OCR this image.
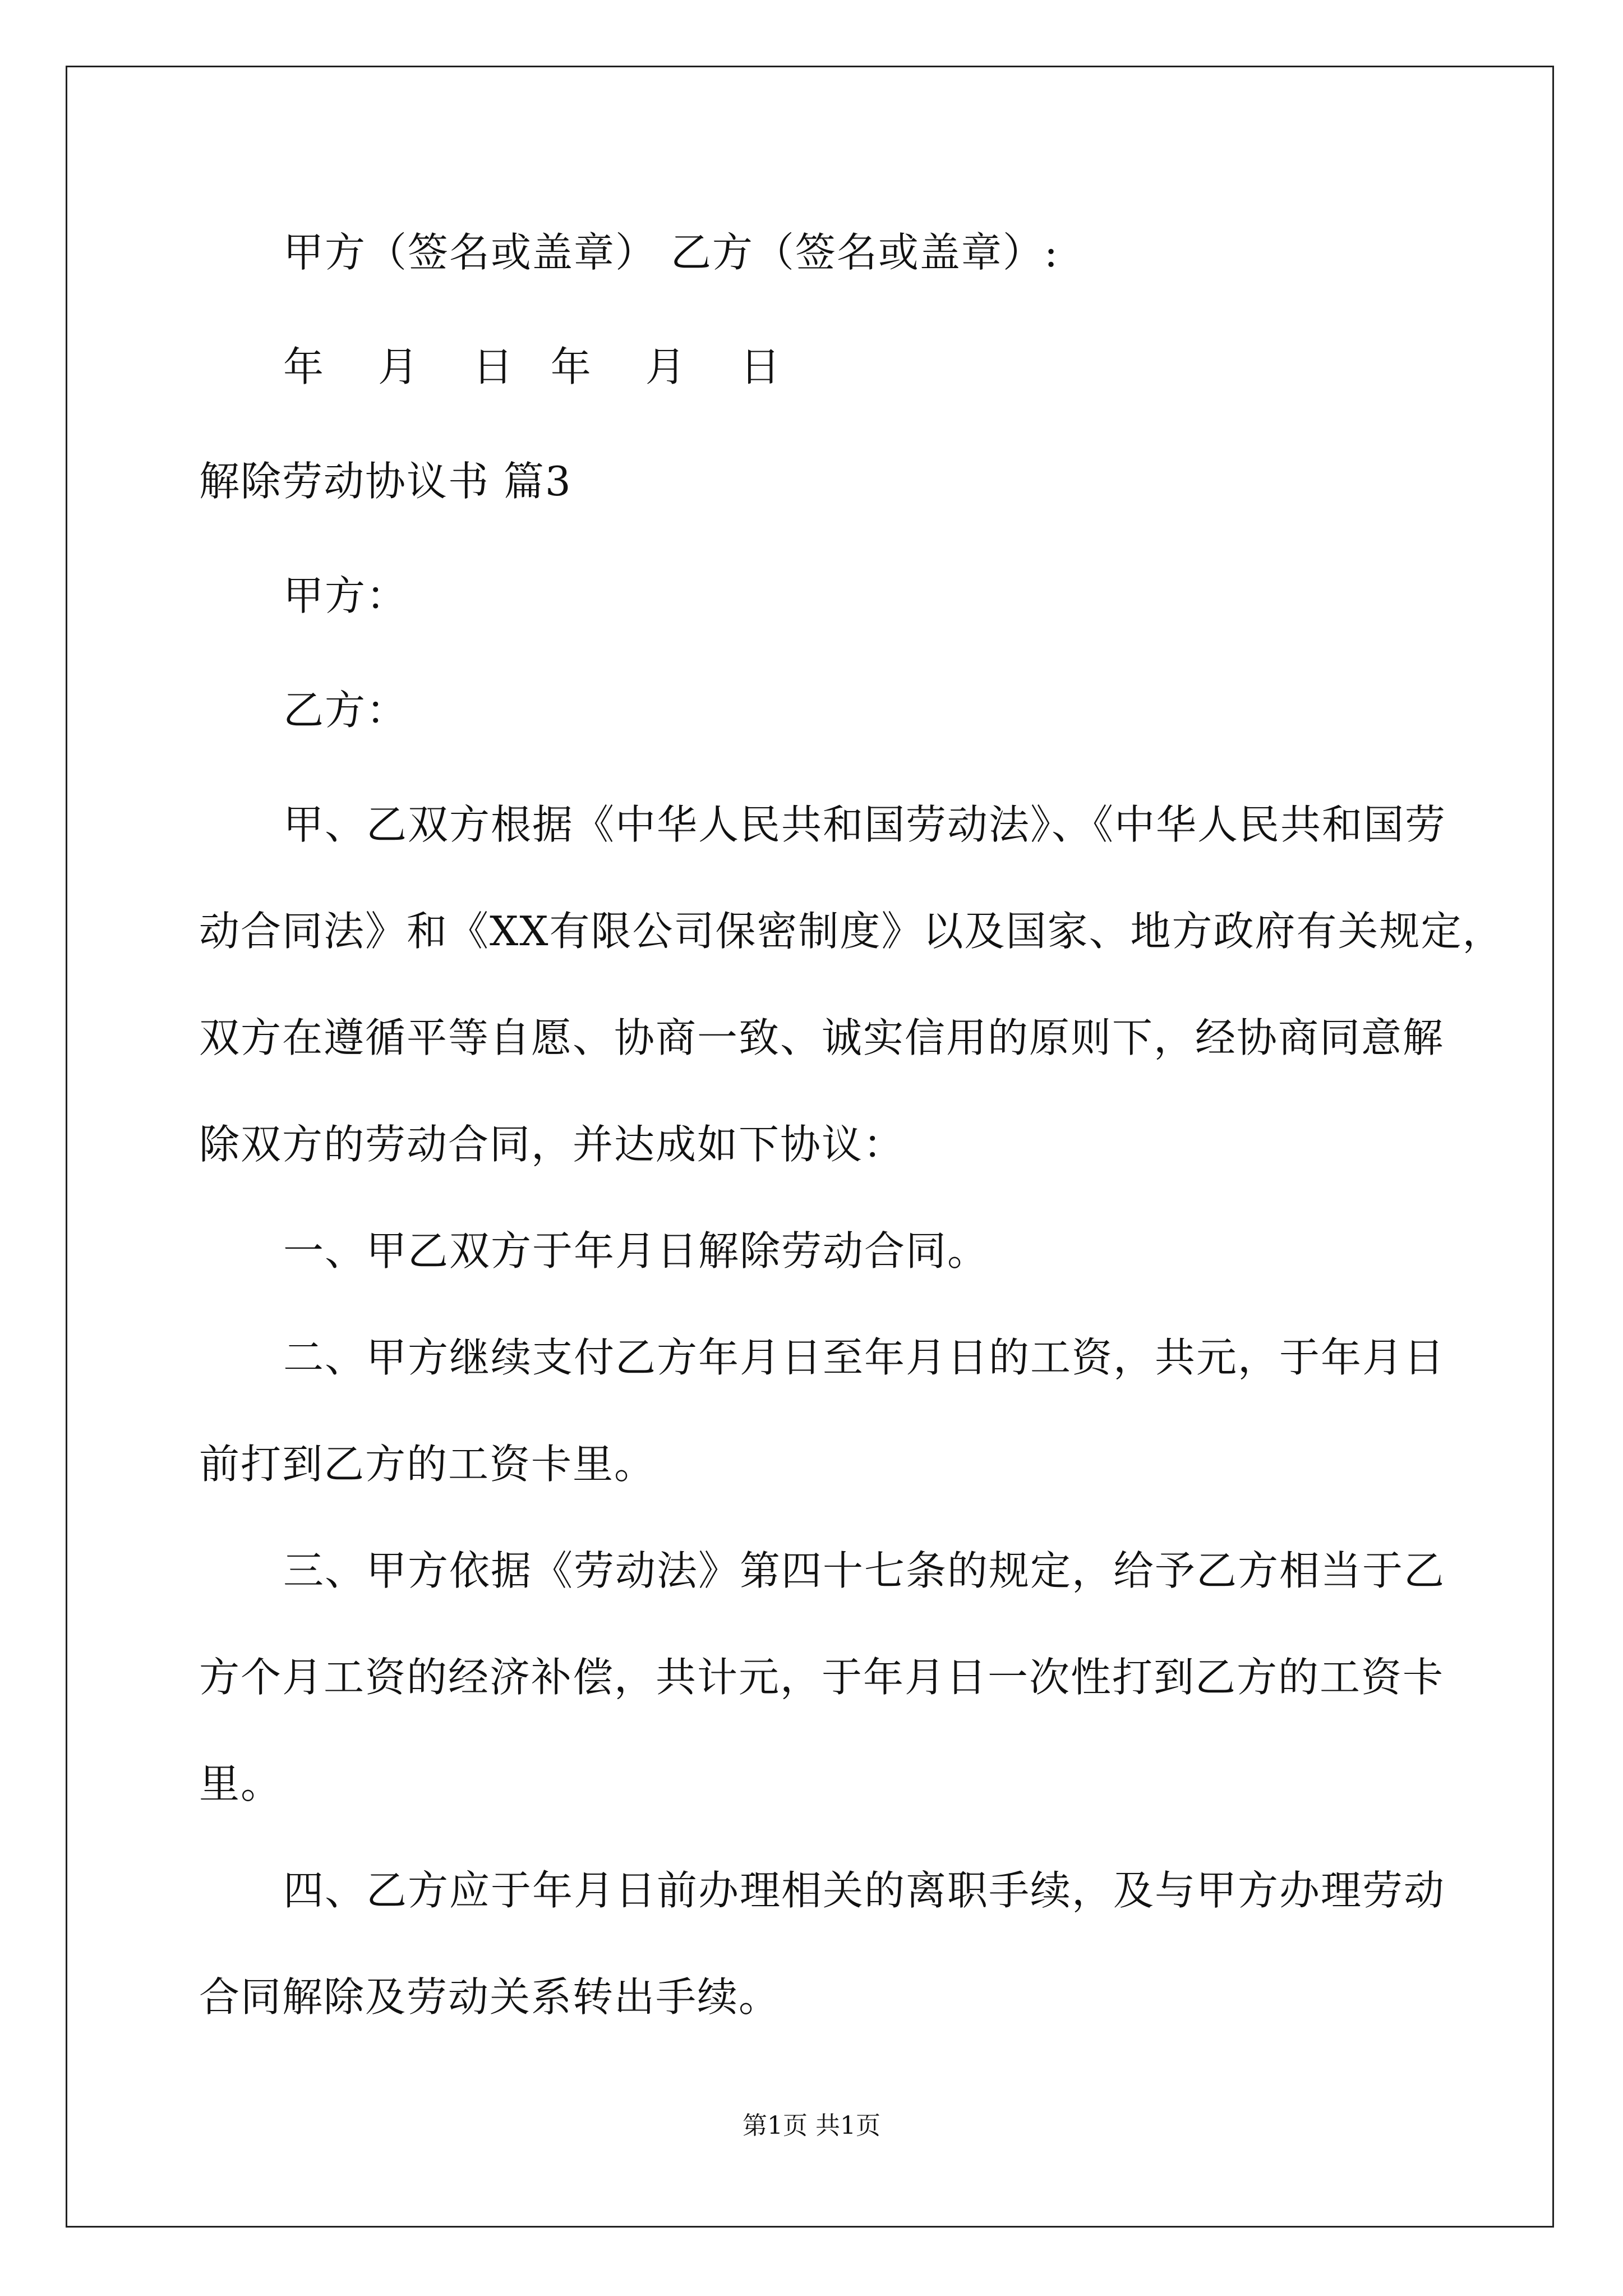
甲方（签名或盖章） 乙方（签名或盖章）:
年 月 日 年 月 日
解除劳动协议书 篇3
甲方：
乙方：
甲、乙双方根据《中华人民共和国劳动法》、《中华人民共和国劳
动合同法》和《XX有限公司保密制度》以及国家、地方政府有关规定，
双方在遵循平等自愿、协商一致、诚实信用的原则下，经协商同意解
除双方的劳动合同，并达成如下协议：
一、甲乙双方于年月日解除劳动合同。
二、甲方继续支付乙方年月日至年月日的工资，共元，于年月日
前打到乙方的工资卡里。
三、甲方依据《劳动法》第四十七条的规定，给予乙方相当于乙
方个月工资的经济补偿，共计元，于年月日一次性打到乙方的工资卡
里。
四、乙方应于年月日前办理相关的离职手续，及与甲方办理劳动
合同解除及劳动关系转出手续。
第1页 共1页
